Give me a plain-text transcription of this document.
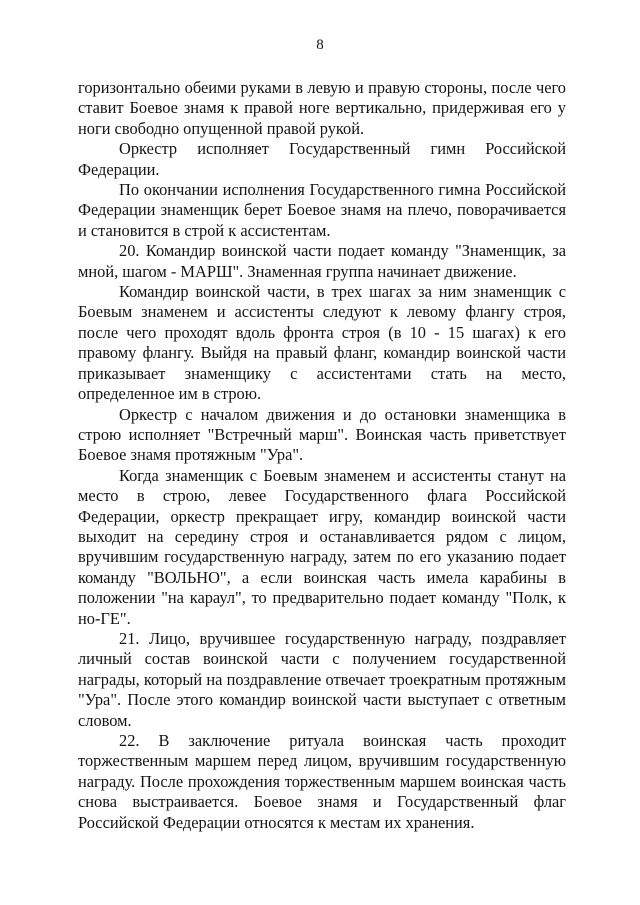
8

горизонтально обеими руками в левую и правую стороны, после чего ставит Боевое знамя к правой ноге вертикально, придерживая его у ноги свободно опущенной правой рукой.

Оркестр исполняет Государственный гимн Российской Федерации.

По окончании исполнения Государственного гимна Российской Федерации знаменщик берет Боевое знамя на плечо, поворачивается и становится в строй к ассистентам.

20. Командир воинской части подает команду "Знаменщик, за мной, шагом - МАРШ". Знаменная группа начинает движение.

Командир воинской части, в трех шагах за ним знаменщик с Боевым знаменем и ассистенты следуют к левому флангу строя, после чего проходят вдоль фронта строя (в 10 - 15 шагах) к его правому флангу. Выйдя на правый фланг, командир воинской части приказывает знаменщику с ассистентами стать на место, определенное им в строю.

Оркестр с началом движения и до остановки знаменщика в строю исполняет "Встречный марш". Воинская часть приветствует Боевое знамя протяжным "Ура".

Когда знаменщик с Боевым знаменем и ассистенты станут на место в строю, левее Государственного флага Российской Федерации, оркестр прекращает игру, командир воинской части выходит на середину строя и останавливается рядом с лицом, вручившим государственную награду, затем по его указанию подает команду "ВОЛЬНО", а если воинская часть имела карабины в положении "на караул", то предварительно подает команду "Полк, к но-ГЕ".

21. Лицо, вручившее государственную награду, поздравляет личный состав воинской части с получением государственной награды, который на поздравление отвечает троекратным протяжным "Ура". После этого командир воинской части выступает с ответным словом.

22. В заключение ритуала воинская часть проходит торжественным маршем перед лицом, вручившим государственную награду. После прохождения торжественным маршем воинская часть снова выстраивается. Боевое знамя и Государственный флаг Российской Федерации относятся к местам их хранения.
